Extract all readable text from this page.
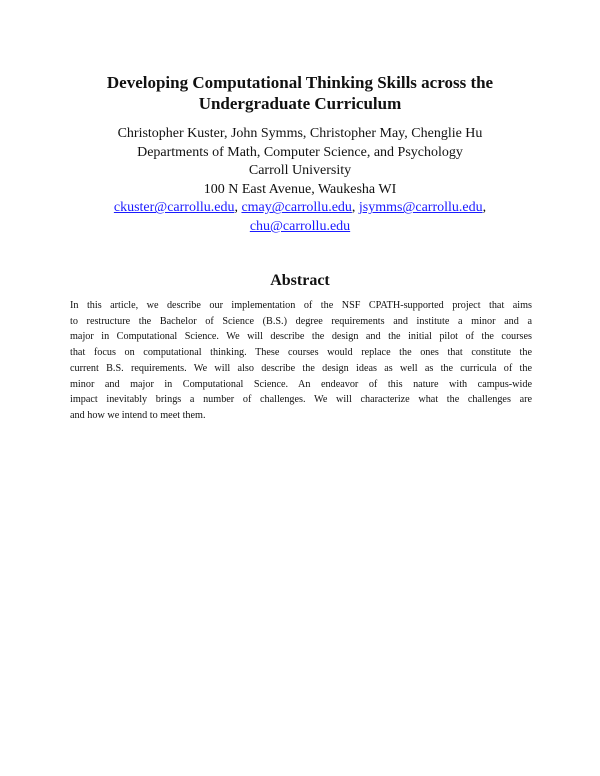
Developing Computational Thinking Skills across the
Undergraduate Curriculum
Christopher Kuster, John Symms, Christopher May, Chenglie Hu
Departments of Math, Computer Science, and Psychology
Carroll University
100 N East Avenue, Waukesha WI
ckuster@carrollu.edu, cmay@carrollu.edu, jsymms@carrollu.edu,
chu@carrollu.edu
Abstract
In this article, we describe our implementation of the NSF CPATH-supported project that aims
to restructure the Bachelor of Science (B.S.) degree requirements and institute a minor and a
major in Computational Science. We will describe the design and the initial pilot of the courses
that focus on computational thinking. These courses would replace the ones that constitute the
current B.S. requirements. We will also describe the design ideas as well as the curricula of the
minor and major in Computational Science. An endeavor of this nature with campus-wide
impact inevitably brings a number of challenges. We will characterize what the challenges are
and how we intend to meet them.
